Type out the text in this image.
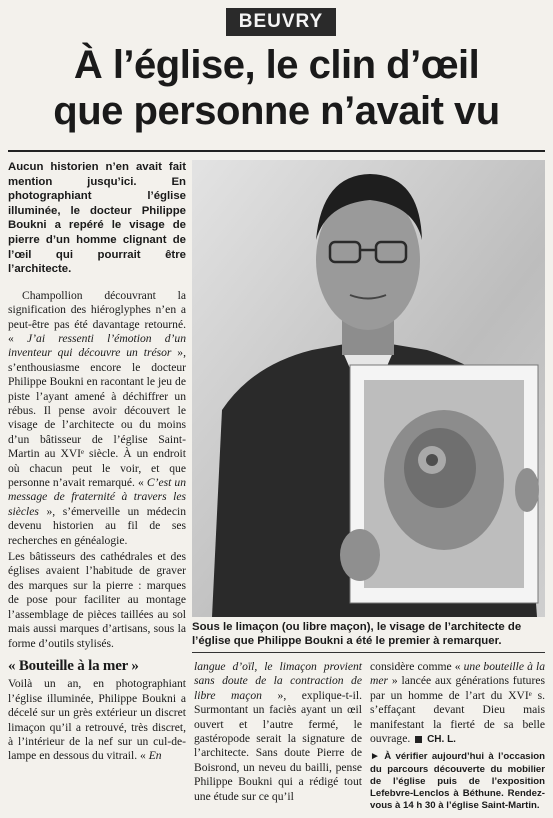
BEUVRY
À l’église, le clin d’œil
que personne n’avait vu

Aucun historien n’en avait fait mention jusqu’ici. En photographiant l’église illuminée, le docteur Philippe Boukni a repéré le visage de pierre d’un homme clignant de l’œil qui pourrait être l’architecte.

Champollion découvrant la signification des hiéroglyphes n’en a peut-être pas été davantage retourné. « J’ai ressenti l’émotion d’un inventeur qui découvre un trésor », s’enthousiasme encore le docteur Philippe Boukni en racontant le jeu de piste l’ayant amené à déchiffrer un rébus. Il pense avoir découvert le visage de l’architecte ou du moins d’un bâtisseur de l’église Saint-Martin au XVIᵉ siècle. À un endroit où chacun peut le voir, et que personne n’avait remarqué. « C’est un message de fraternité à travers les siècles », s’émerveille un médecin devenu historien au fil de ses recherches en généalogie.

Les bâtisseurs des cathédrales et des églises avaient l’habitude de graver des marques sur la pierre : marques de pose pour faciliter au montage l’assemblage de pièces taillées au sol mais aussi marques d’artisans, sous la forme d’outils stylisés.

« Bouteille à la mer »

Voilà un an, en photographiant l’église illuminée, Philippe Boukni a décelé sur un grès extérieur un discret limaçon qu’il a retrouvé, très discret, à l’intérieur de la nef sur un cul-de-lampe en dessous du vitrail. « En

Sous le limaçon (ou libre maçon), le visage de l’architecte de l’église que Philippe Boukni a été le premier à remarquer.

langue d’oïl, le limaçon provient sans doute de la contraction de libre maçon », explique-t-il. Surmontant un faciès ayant un œil ouvert et l’autre fermé, le gastéropode serait la signature de l’architecte. Sans doute Pierre de Boisrond, un neveu du bailli, pense Philippe Boukni qui a rédigé tout une étude sur ce qu’il

considère comme « une bouteille à la mer » lancée aux générations futures par un homme de l’art du XVIᵉ s. s’effaçant devant Dieu mais manifestant la fierté de sa belle ouvrage. CH. L.

► À vérifier aujourd’hui à l’occasion du parcours découverte du mobilier de l’église puis de l’exposition Lefebvre-Lenclos à Béthune. Rendez-vous à 14 h 30 à l’église Saint-Martin.
